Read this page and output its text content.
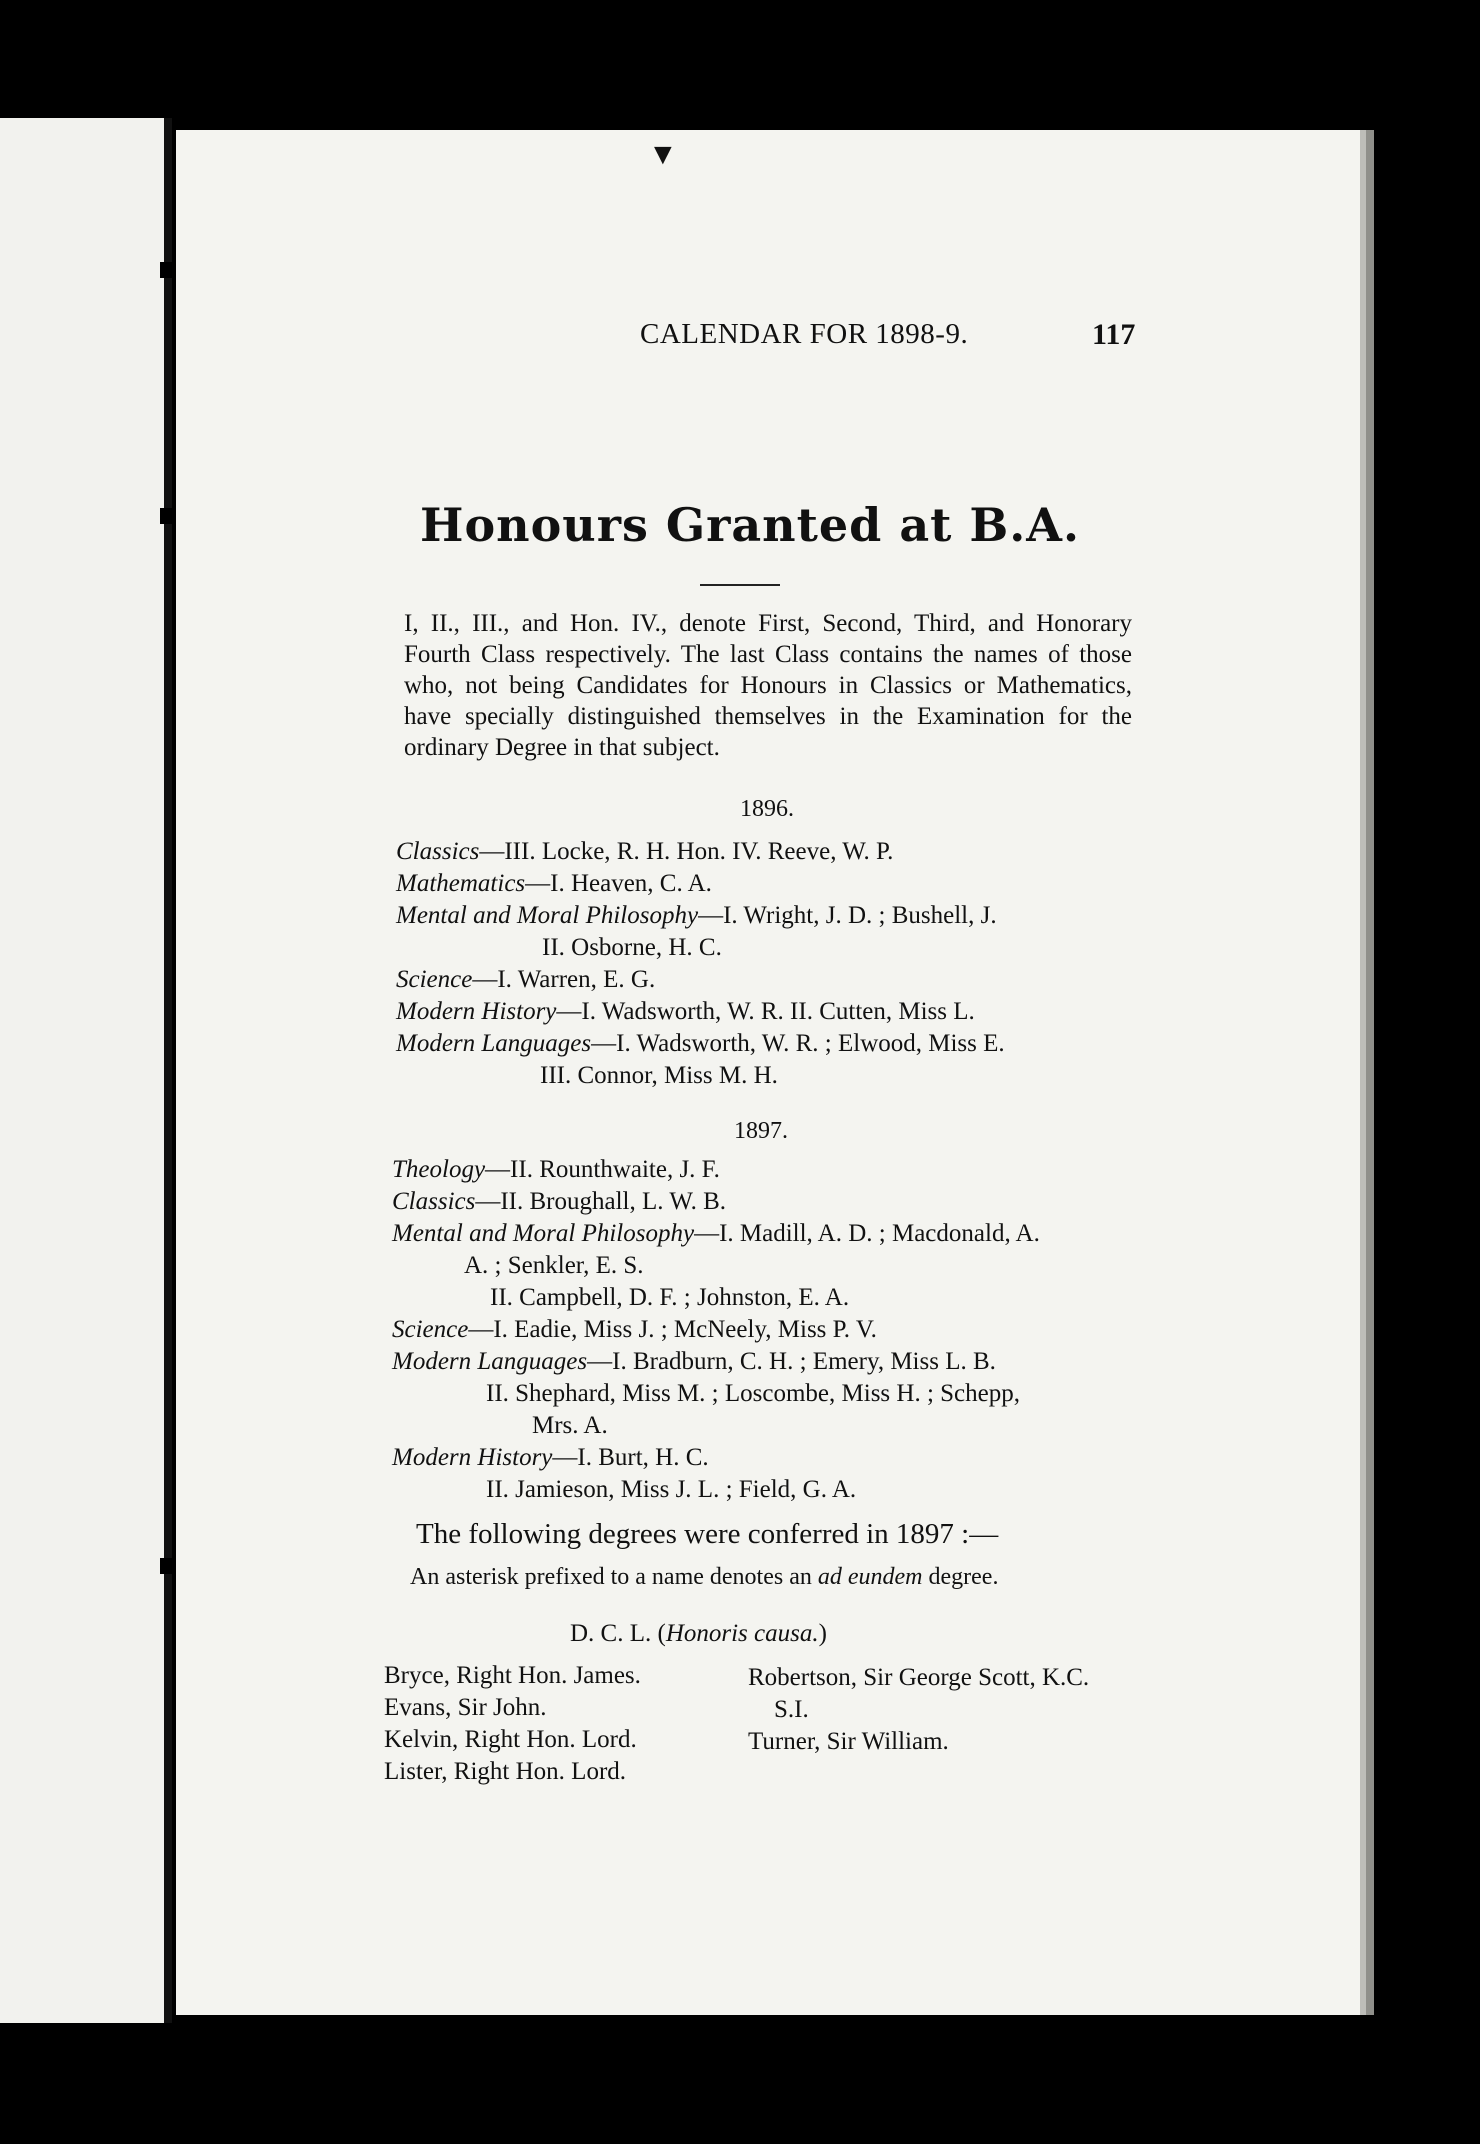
▼
CALENDAR FOR 1898-9.	117
Honours Granted at B.A.
I, II., III., and Hon. IV., denote First, Second, Third, and Honorary Fourth Class respectively. The last Class contains the names of those who, not being Candidates for Honours in Classics or Mathematics, have specially distinguished themselves in the Examination for the ordinary Degree in that subject.
1896.
Classics—III. Locke, R. H. Hon. IV. Reeve, W. P.
Mathematics—I. Heaven, C. A.
Mental and Moral Philosophy—I. Wright, J. D. ; Bushell, J.
II. Osborne, H. C.
Science—I. Warren, E. G.
Modern History—I. Wadsworth, W. R. II. Cutten, Miss L.
Modern Languages—I. Wadsworth, W. R. ; Elwood, Miss E.
III. Connor, Miss M. H.
1897.
Theology—II. Rounthwaite, J. F.
Classics—II. Broughall, L. W. B.
Mental and Moral Philosophy—I. Madill, A. D. ; Macdonald, A.
A. ; Senkler, E. S.
II. Campbell, D. F. ; Johnston, E. A.
Science—I. Eadie, Miss J. ; McNeely, Miss P. V.
Modern Languages—I. Bradburn, C. H. ; Emery, Miss L. B.
II. Shephard, Miss M. ; Loscombe, Miss H. ; Schepp,
Mrs. A.
Modern History—I. Burt, H. C.
II. Jamieson, Miss J. L. ; Field, G. A.
The following degrees were conferred in 1897 :—
An asterisk prefixed to a name denotes an ad eundem degree.
D. C. L. (Honoris causa.)
Bryce, Right Hon. James.
Evans, Sir John.
Kelvin, Right Hon. Lord.
Lister, Right Hon. Lord.
Robertson, Sir George Scott, K.C.
S.I.
Turner, Sir William.
